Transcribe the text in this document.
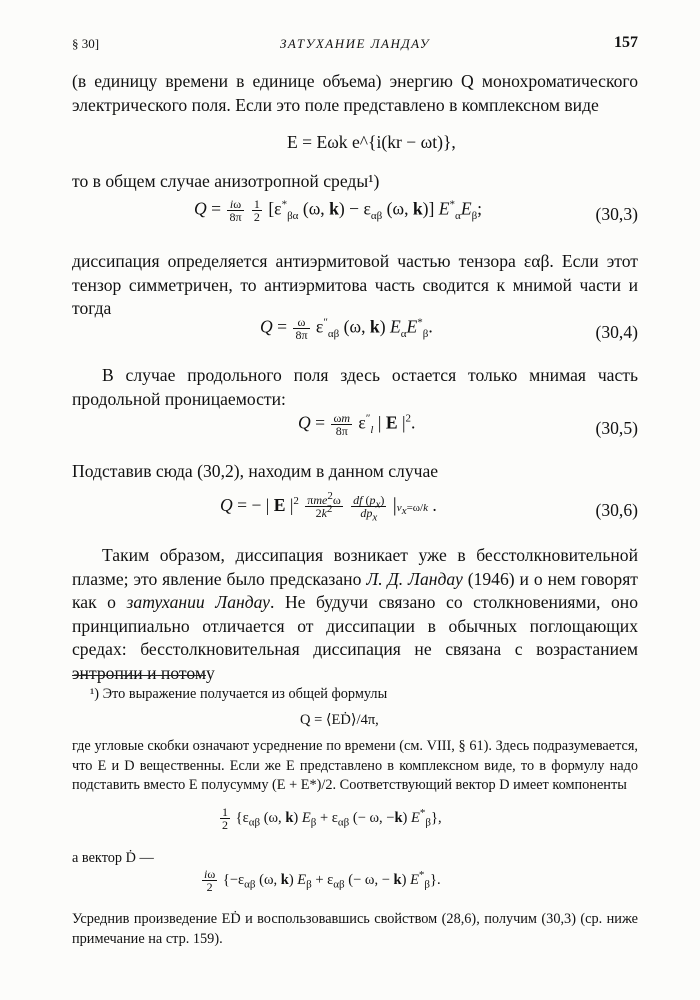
§ 30]	ЗАТУХАНИЕ ЛАНДАУ	157

(в единицу времени в единице объема) энергию Q монохроматического электрического поля. Если это поле представлено в комплексном виде

E = Eωk e^{i(kr − ωt)},

то в общем случае анизотропной среды¹)

$Q = \frac{i\omega}{8\pi}$
$\frac{1}{2} [\varepsilon^*_{\beta\alpha}$ (ω, $k) - \varepsilon_{\alpha\beta}$ (ω, k)] $E^*_\alpha E_\beta$;	(30,3)

диссипация определяется антиэрмитовой частью тензора εαβ. Если этот тензор симметричен, то антиэрмитова часть сводится к мнимой части и тогда

$Q = \frac{\omega}{8\pi} \varepsilon''_{\alpha\beta}$ (ω, k) $E_\alpha E^*_\beta$.	(30,4)

В случае продольного поля здесь остается только мнимая часть продольной проницаемости:

$Q = \frac{\omega m}{8\pi} \varepsilon''_l$ | E $|^2$.	(30,5)

Подставив сюда (30,2), находим в данном случае

Q = − | E $|^2 \frac{\pi me^2\omega}{2k^2}$
$\frac{df (p_x)}{dp_x} |v_x=\omega/k$ .	(30,6)

Таким образом, диссипация возникает уже в бесстолкновительной плазме; это явление было предсказано Л. Д. Ландау (1946) и о нем говорят как о затухании Ландау. Не будучи связано со столкновениями, оно принципиально отличается от диссипации в обычных поглощающих средах: бесстолкновительная диссипация не связана с возрастанием энтропии и потому

¹) Это выражение получается из общей формулы

Q = ⟨EḊ⟩/4π,

где угловые скобки означают усреднение по времени (см. VIII, § 61). Здесь подразумевается, что E и D вещественны. Если же E представлено в комплексном виде, то в формулу надо подставить вместо E полусумму (E + E*)/2. Соответствующий вектор D имеет компоненты

$\frac{1}{2} \{\varepsilon_{\alpha\beta}$ (ω, k) $E_\beta + \varepsilon_{\alpha\beta}$ (− ω, −k) $E^*_\beta$},

а вектор Ḋ —

$\frac{i\omega}{2} \{-\varepsilon_{\alpha\beta}$ (ω, k) $E_\beta + \varepsilon_{\alpha\beta}$ (− ω, − k) $E^*_\beta$}.

Усреднив произведение EḊ и воспользовавшись свойством (28,6), получим (30,3) (ср. ниже примечание на стр. 159).
